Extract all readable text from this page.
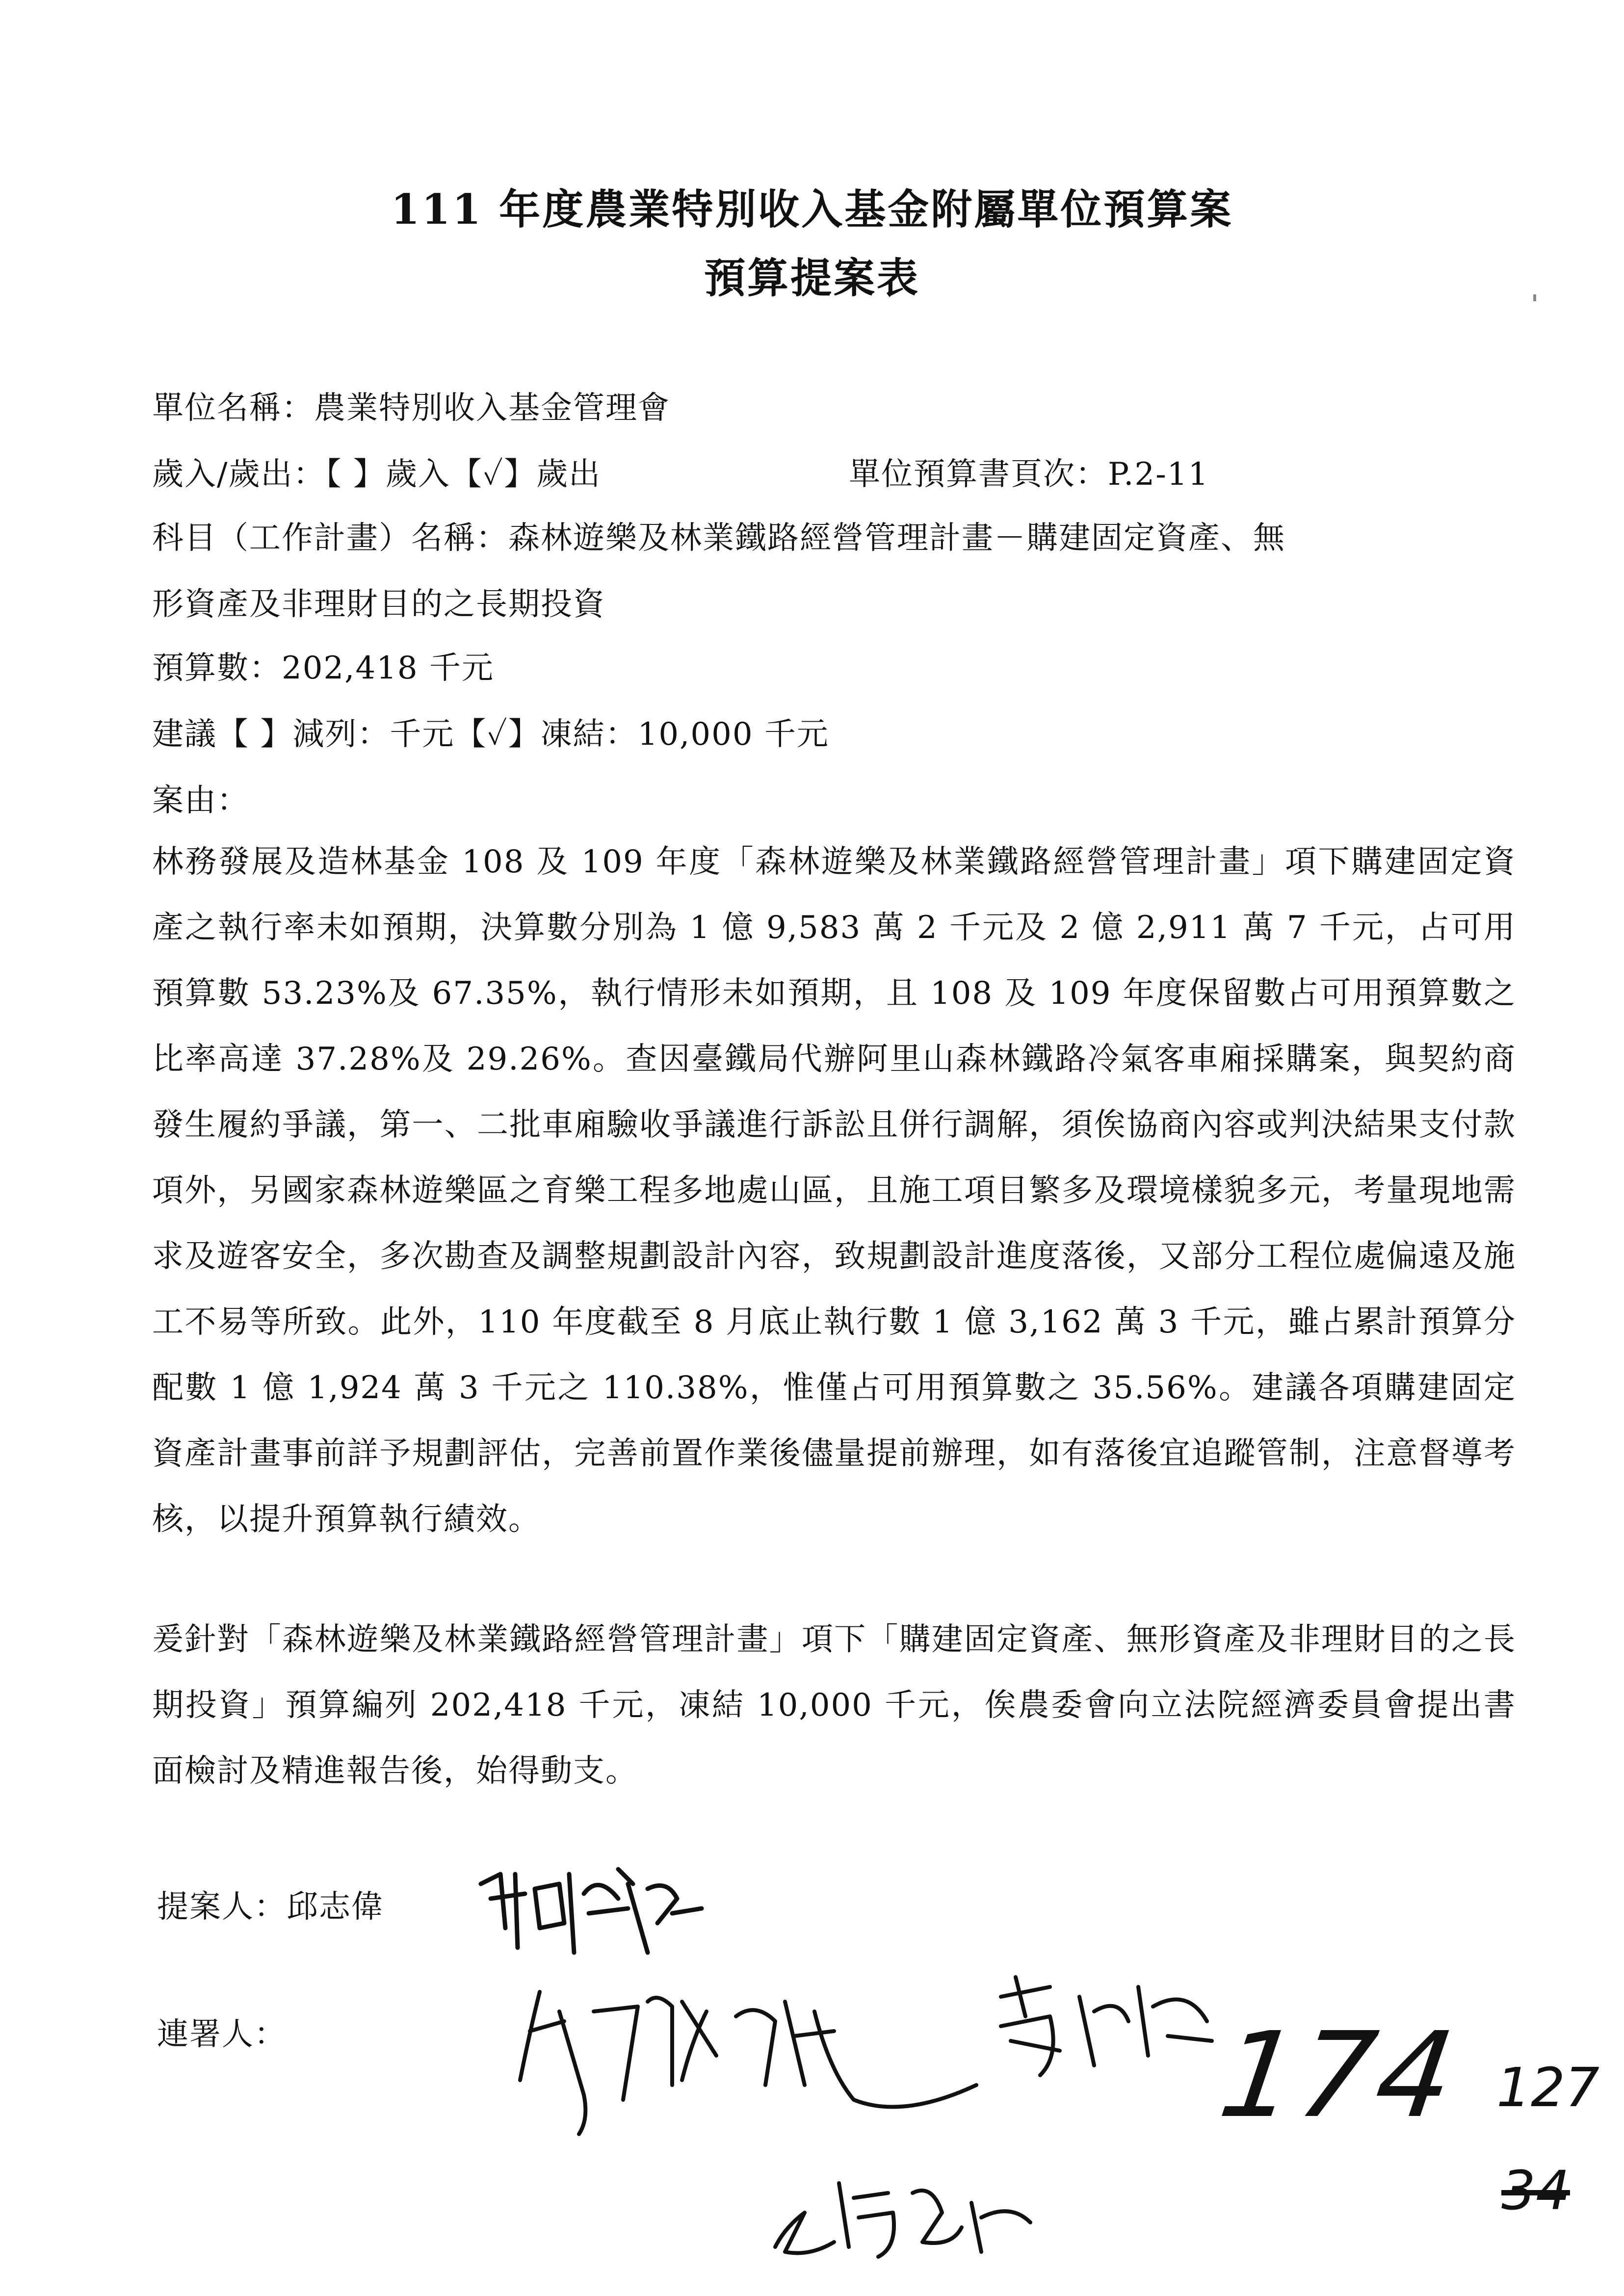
111 年度農業特別收入基金附屬單位預算案
預算提案表
單位名稱：農業特別收入基金管理會
歲入/歲出：【 】歲入【✓】歲出	單位預算書頁次：P.2-11
科目（工作計畫）名稱：森林遊樂及林業鐵路經營管理計畫－購建固定資產、無
形資產及非理財目的之長期投資
預算數：202,418 千元
建議【 】減列：千元【✓】凍結：10,000 千元
案由：
林務發展及造林基金 108 及 109 年度「森林遊樂及林業鐵路經營管理計畫」項下購建固定資產之執行率未如預期，決算數分別為 1 億 9,583 萬 2 千元及 2 億 2,911 萬 7 千元，占可用預算數 53.23%及 67.35%，執行情形未如預期，且 108 及 109 年度保留數占可用預算數之比率高達 37.28%及 29.26%。查因臺鐵局代辦阿里山森林鐵路冷氣客車廂採購案，與契約商發生履約爭議，第一、二批車廂驗收爭議進行訴訟且併行調解，須俟協商內容或判決結果支付款項外，另國家森林遊樂區之育樂工程多地處山區，且施工項目繁多及環境樣貌多元，考量現地需求及遊客安全，多次勘查及調整規劃設計內容，致規劃設計進度落後，又部分工程位處偏遠及施工不易等所致。此外，110 年度截至 8 月底止執行數 1 億 3,162 萬 3 千元，雖占累計預算分配數 1 億 1,924 萬 3 千元之 110.38%，惟僅占可用預算數之 35.56%。建議各項購建固定資產計畫事前詳予規劃評估，完善前置作業後儘量提前辦理，如有落後宜追蹤管制，注意督導考核，以提升預算執行績效。
爰針對「森林遊樂及林業鐵路經營管理計畫」項下「購建固定資產、無形資產及非理財目的之長期投資」預算編列 202,418 千元，凍結 10,000 千元，俟農委會向立法院經濟委員會提出書面檢討及精進報告後，始得動支。
提案人：邱志偉
連署人：	174 127
34
